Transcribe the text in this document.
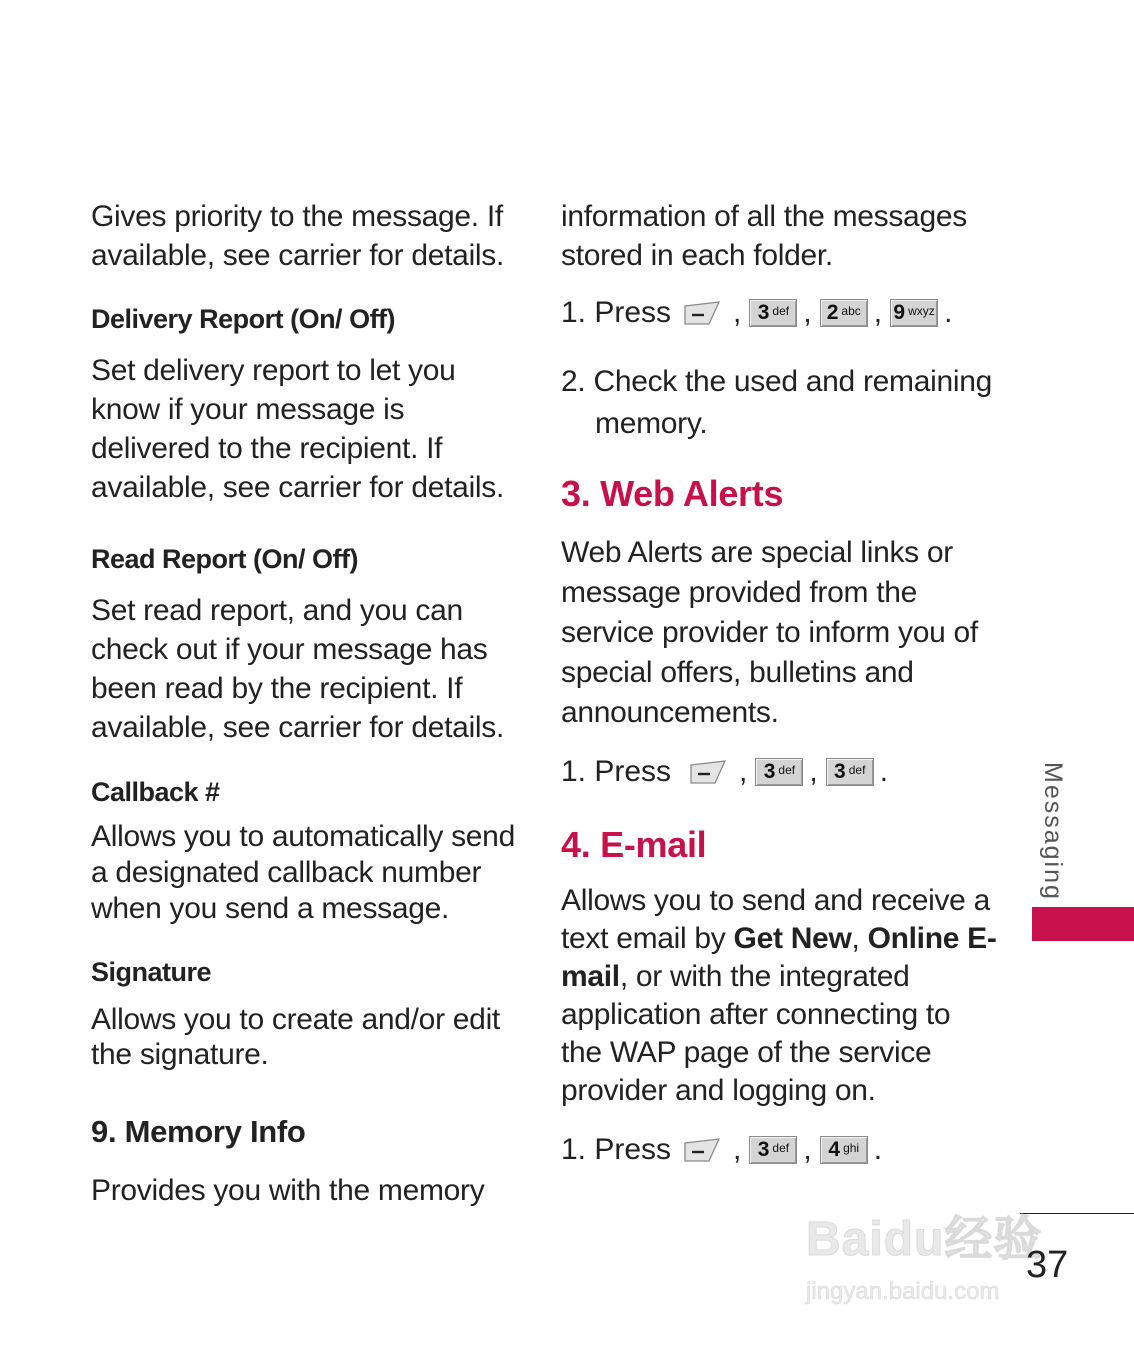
Gives priority to the message. If
available, see carrier for details.

Delivery Report (On/ Off)

Set delivery report to let you
know if your message is
delivered to the recipient. If
available, see carrier for details.

Read Report (On/ Off)

Set read report, and you can
check out if your message has
been read by the recipient. If
available, see carrier for details.

Callback #

Allows you to automatically send
a designated callback number
when you send a message.

Signature

Allows you to create and/or edit
the signature.

9. Memory Info

Provides you with the memory

information of all the messages
stored in each folder.

1. Press , 3 def , 2 abc , 9 wxyz .

2. Check the used and remaining
memory.

3. Web Alerts

Web Alerts are special links or
message provided from the
service provider to inform you of
special offers, bulletins and
announcements.

1. Press , 3 def , 3 def .
4. E-mail

Allows you to send and receive a
text email by Get New, Online E-
mail, or with the integrated
application after connecting to
the WAP page of the service
provider and logging on.

1. Press , 3 def , 4 ghi .
Messaging
Baidu经验
jingyan.baidu.com

37
